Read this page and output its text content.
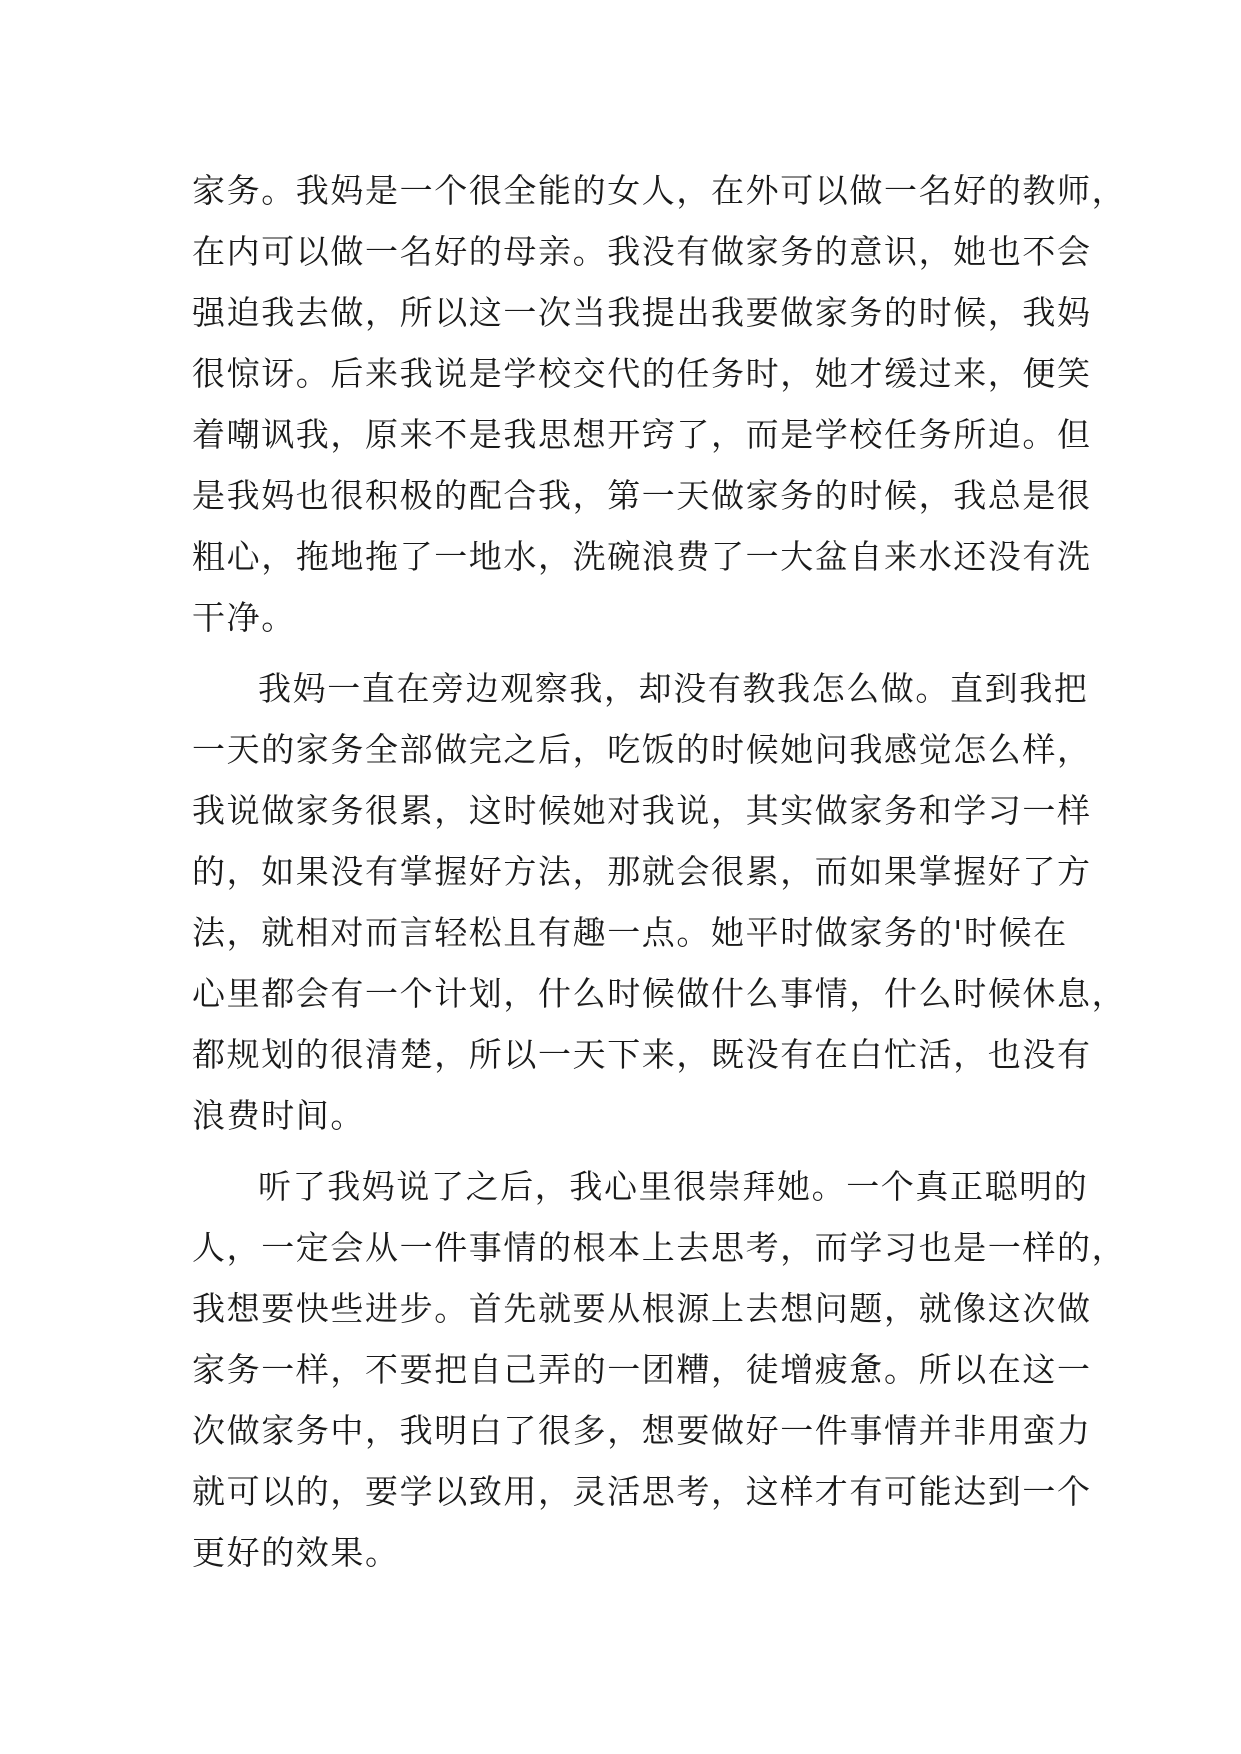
家务。我妈是一个很全能的女人，在外可以做一名好的教师，
在内可以做一名好的母亲。我没有做家务的意识，她也不会
强迫我去做，所以这一次当我提出我要做家务的时候，我妈
很惊讶。后来我说是学校交代的任务时，她才缓过来，便笑
着嘲讽我，原来不是我思想开窍了，而是学校任务所迫。但
是我妈也很积极的配合我，第一天做家务的时候，我总是很
粗心，拖地拖了一地水，洗碗浪费了一大盆自来水还没有洗
干净。
我妈一直在旁边观察我，却没有教我怎么做。直到我把
一天的家务全部做完之后，吃饭的时候她问我感觉怎么样，
我说做家务很累，这时候她对我说，其实做家务和学习一样
的，如果没有掌握好方法，那就会很累，而如果掌握好了方
法，就相对而言轻松且有趣一点。她平时做家务的'时候在
心里都会有一个计划，什么时候做什么事情，什么时候休息，
都规划的很清楚，所以一天下来，既没有在白忙活，也没有
浪费时间。
听了我妈说了之后，我心里很崇拜她。一个真正聪明的
人，一定会从一件事情的根本上去思考，而学习也是一样的，
我想要快些进步。首先就要从根源上去想问题，就像这次做
家务一样，不要把自己弄的一团糟，徒增疲惫。所以在这一
次做家务中，我明白了很多，想要做好一件事情并非用蛮力
就可以的，要学以致用，灵活思考，这样才有可能达到一个
更好的效果。
